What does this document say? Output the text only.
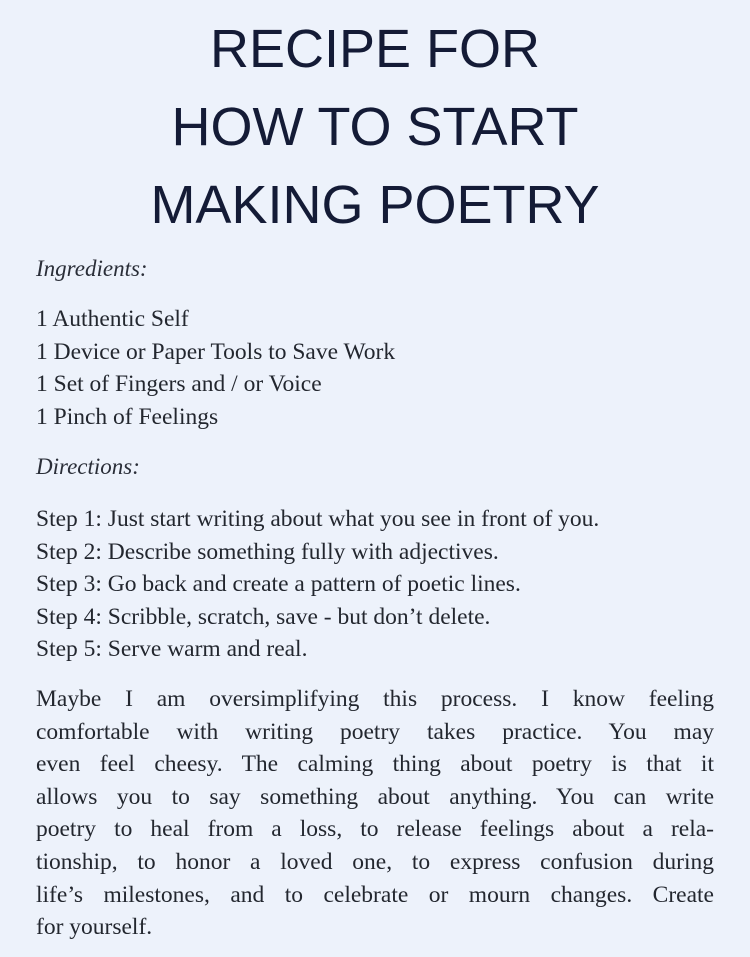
RECIPE FOR
HOW TO START
MAKING POETRY
Ingredients:
1 Authentic Self
1 Device or Paper Tools to Save Work
1 Set of Fingers and / or Voice
1 Pinch of Feelings
Directions:
Step 1: Just start writing about what you see in front of you.
Step 2: Describe something fully with adjectives.
Step 3: Go back and create a pattern of poetic lines.
Step 4: Scribble, scratch, save - but don’t delete.
Step 5: Serve warm and real.

Maybe I am oversimplifying this process. I know feeling
comfortable with writing poetry takes practice. You may
even feel cheesy. The calming thing about poetry is that it
allows you to say something about anything. You can write
poetry to heal from a loss, to release feelings about a rela-
tionship, to honor a loved one, to express confusion during
life’s milestones, and to celebrate or mourn changes. Create
for yourself.
